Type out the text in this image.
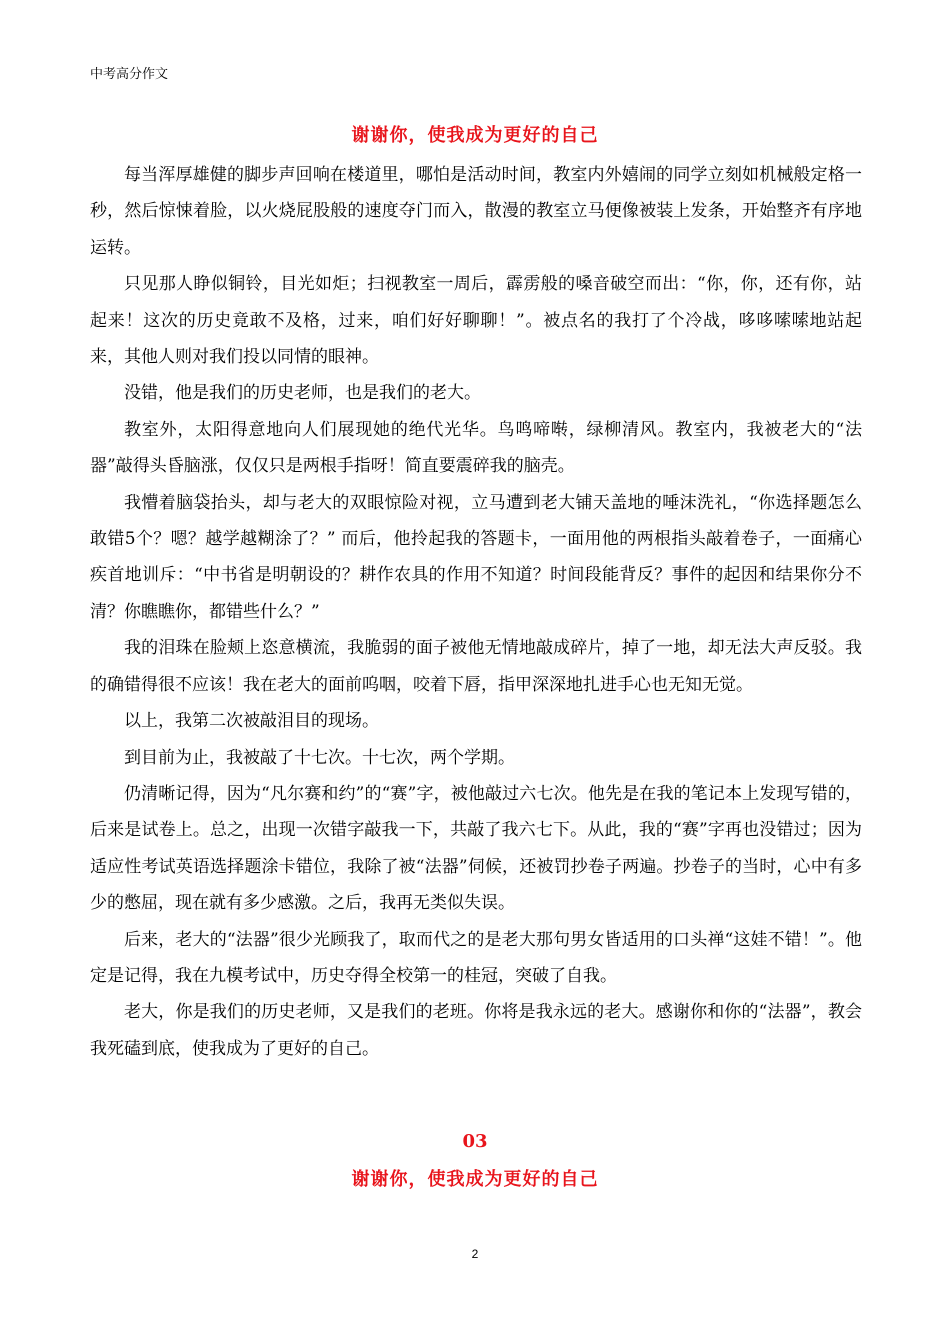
中考高分作文
谢谢你，使我成为更好的自己

每当浑厚雄健的脚步声回响在楼道里，哪怕是活动时间，教室内外嬉闹的同学立刻如机械般定格一秒，然后惊悚着脸，以火烧屁股般的速度夺门而入，散漫的教室立马便像被装上发条，开始整齐有序地运转。

只见那人睁似铜铃，目光如炬；扫视教室一周后，霹雳般的嗓音破空而出：“你，你，还有你，站起来！这次的历史竟敢不及格，过来，咱们好好聊聊！”。被点名的我打了个冷战，哆哆嗦嗦地站起来，其他人则对我们投以同情的眼神。

没错，他是我们的历史老师，也是我们的老大。

教室外，太阳得意地向人们展现她的绝代光华。鸟鸣啼啭，绿柳清风。教室内，我被老大的“法器”敲得头昏脑涨，仅仅只是两根手指呀！简直要震碎我的脑壳。

我懵着脑袋抬头，却与老大的双眼惊险对视，立马遭到老大铺天盖地的唾沫洗礼，“你选择题怎么敢错5个？嗯？越学越糊涂了？” 而后，他拎起我的答题卡，一面用他的两根指头敲着卷子，一面痛心疾首地训斥：“中书省是明朝设的？耕作农具的作用不知道？时间段能背反？事件的起因和结果你分不清？你瞧瞧你，都错些什么？”

我的泪珠在脸颊上恣意横流，我脆弱的面子被他无情地敲成碎片，掉了一地，却无法大声反驳。我的确错得很不应该！我在老大的面前呜咽，咬着下唇，指甲深深地扎进手心也无知无觉。

以上，我第二次被敲泪目的现场。

到目前为止，我被敲了十七次。十七次，两个学期。

仍清晰记得，因为“凡尔赛和约”的“赛”字，被他敲过六七次。他先是在我的笔记本上发现写错的，后来是试卷上。总之，出现一次错字敲我一下，共敲了我六七下。从此，我的“赛”字再也没错过；因为适应性考试英语选择题涂卡错位，我除了被“法器”伺候，还被罚抄卷子两遍。抄卷子的当时，心中有多少的憋屈，现在就有多少感激。之后，我再无类似失误。

后来，老大的“法器”很少光顾我了，取而代之的是老大那句男女皆适用的口头禅“这娃不错！”。他定是记得，我在九模考试中，历史夺得全校第一的桂冠，突破了自我。

老大，你是我们的历史老师，又是我们的老班。你将是我永远的老大。感谢你和你的“法器”，教会我死磕到底，使我成为了更好的自己。

03
谢谢你，使我成为更好的自己
2
